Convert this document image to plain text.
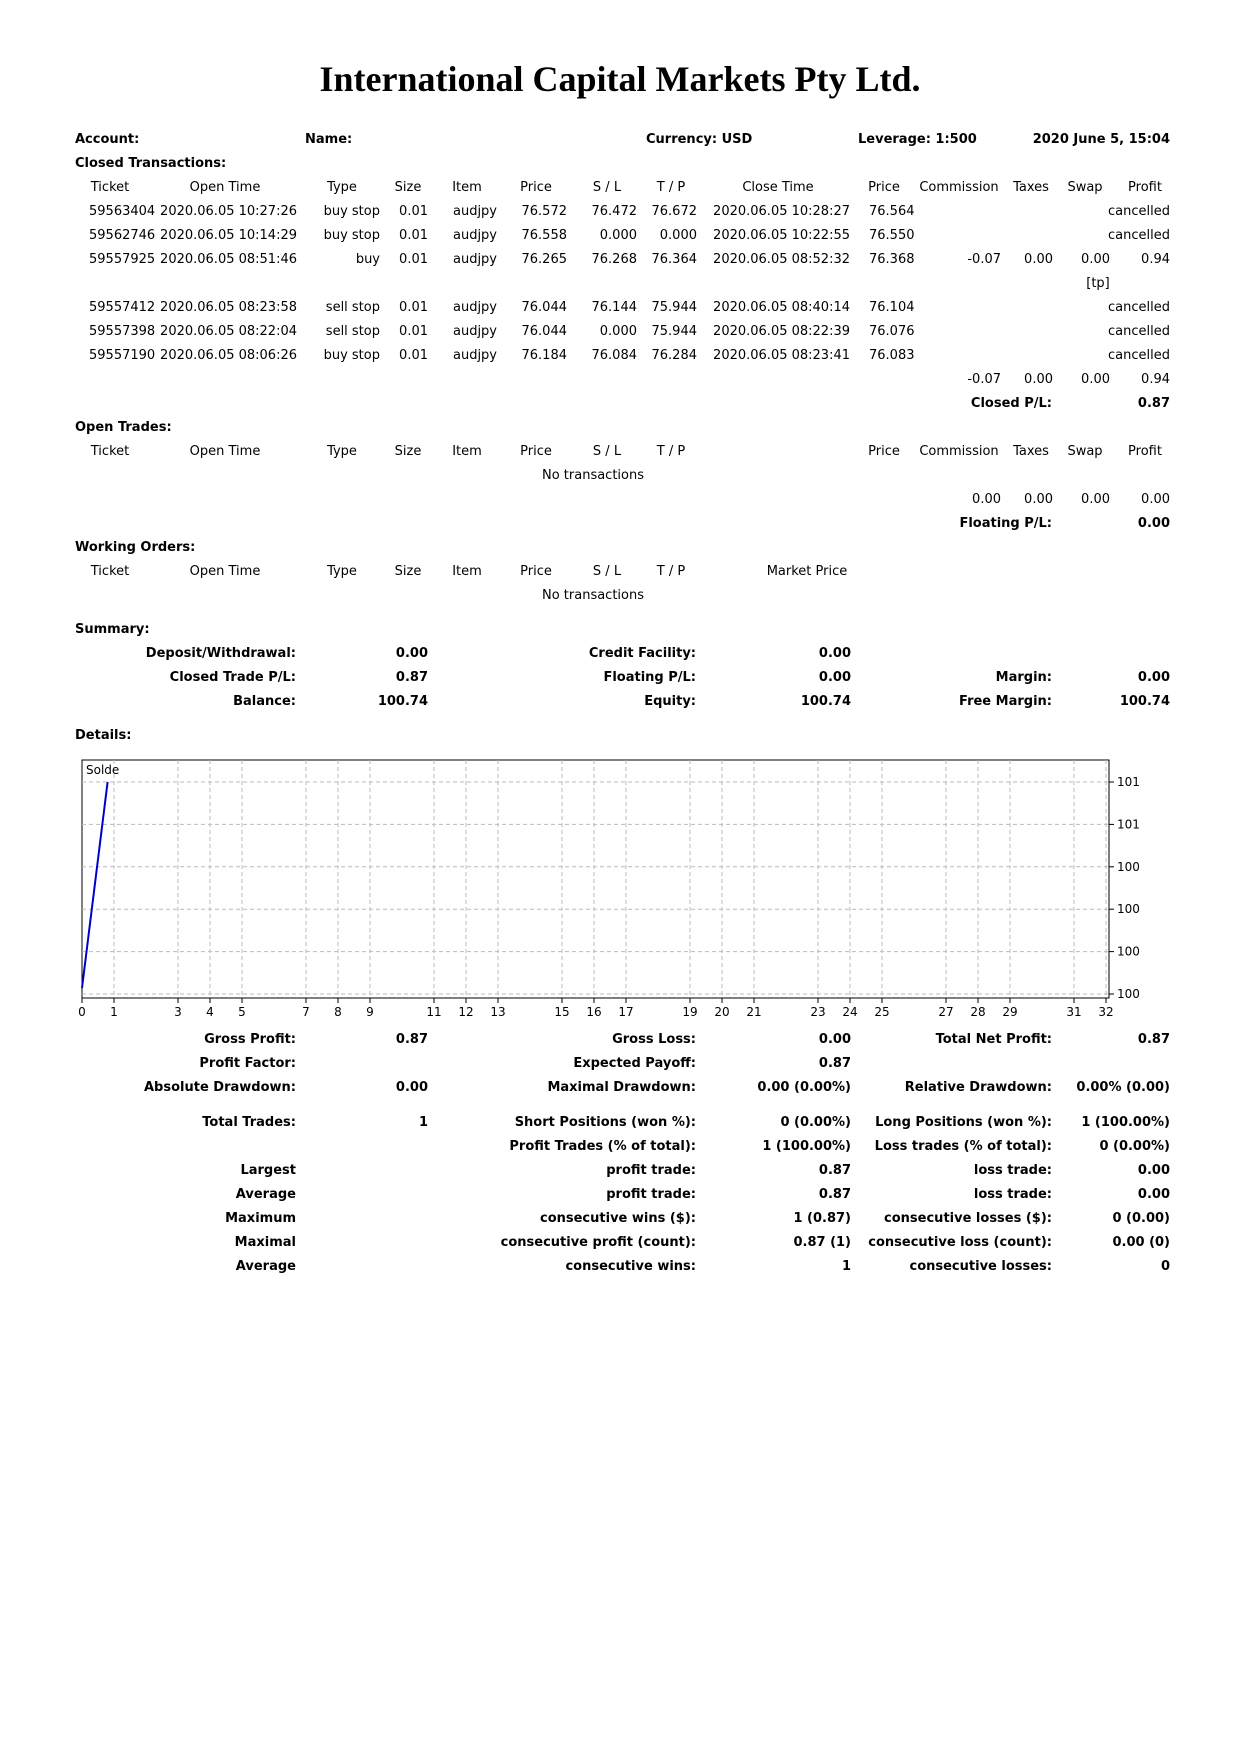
International Capital Markets Pty Ltd.
Account:	Name:	Currency: USD	Leverage: 1:500	2020 June 5, 15:04
Closed Transactions:
Ticket	Open Time	Type	Size	Item	Price	S / L	T / P	Close Time	Price	Commission	Taxes	Swap	Profit
59563404 2020.06.05 10:27:26	buy stop	0.01	audjpy	76.572	76.472	76.672	2020.06.05 10:28:27 76.564	cancelled
59562746 2020.06.05 10:14:29	buy stop	0.01	audjpy	76.558	0.000	0.000	2020.06.05 10:22:55 76.550	cancelled
59557925 2020.06.05 08:51:46	buy	0.01	audjpy	76.265	76.268	76.364	2020.06.05 08:52:32 76.368	-0.07	0.00	0.00	0.94
[tp]
59557412 2020.06.05 08:23:58	sell stop	0.01	audjpy	76.044	76.144	75.944	2020.06.05 08:40:14 76.104	cancelled
59557398 2020.06.05 08:22:04	sell stop	0.01	audjpy	76.044	0.000	75.944	2020.06.05 08:22:39 76.076	cancelled
59557190 2020.06.05 08:06:26	buy stop	0.01	audjpy	76.184	76.084	76.284	2020.06.05 08:23:41 76.083	cancelled
-0.07	0.00	0.00	0.94
Closed P/L:	0.87
Open Trades:
Ticket	Open Time	Type	Size	Item	Price	S / L	T / P	Price	Commission	Taxes	Swap	Profit
No transactions
0.00	0.00	0.00	0.00
Floating P/L:	0.00
Working Orders:
Ticket	Open Time	Type	Size	Item	Price	S / L	T / P	Market Price
No transactions
Summary:
Deposit/Withdrawal:	0.00	Credit Facility:	0.00
Closed Trade P/L:	0.87	Floating P/L:	0.00	Margin:	0.00
Balance:	100.74	Equity:	100.74	Free Margin:	100.74
Details:
Gross Profit:	0.87	Gross Loss:	0.00	Total Net Profit:	0.87
Profit Factor:	Expected Payoff:	0.87
Absolute Drawdown:	0.00	Maximal Drawdown:	0.00 (0.00%)	Relative Drawdown:	0.00% (0.00)
Total Trades:	1	Short Positions (won %):	0 (0.00%)	Long Positions (won %):	1 (100.00%)
Profit Trades (% of total):	1 (100.00%)	Loss trades (% of total):	0 (0.00%)
Largest	profit trade:	0.87	loss trade:	0.00
Average	profit trade:	0.87	loss trade:	0.00
Maximum	consecutive wins ($):	1 (0.87)	consecutive losses ($):	0 (0.00)
Maximal	consecutive profit (count):	0.87 (1)	consecutive loss (count):	0.00 (0)
Average	consecutive wins:	1	consecutive losses:	0
0 1	3 4 5	7 8 9	11 12 13	15 16 17	19 20 21	23 24 25	27 28 29	31 32
101
101
100
100
100
100
Solde
